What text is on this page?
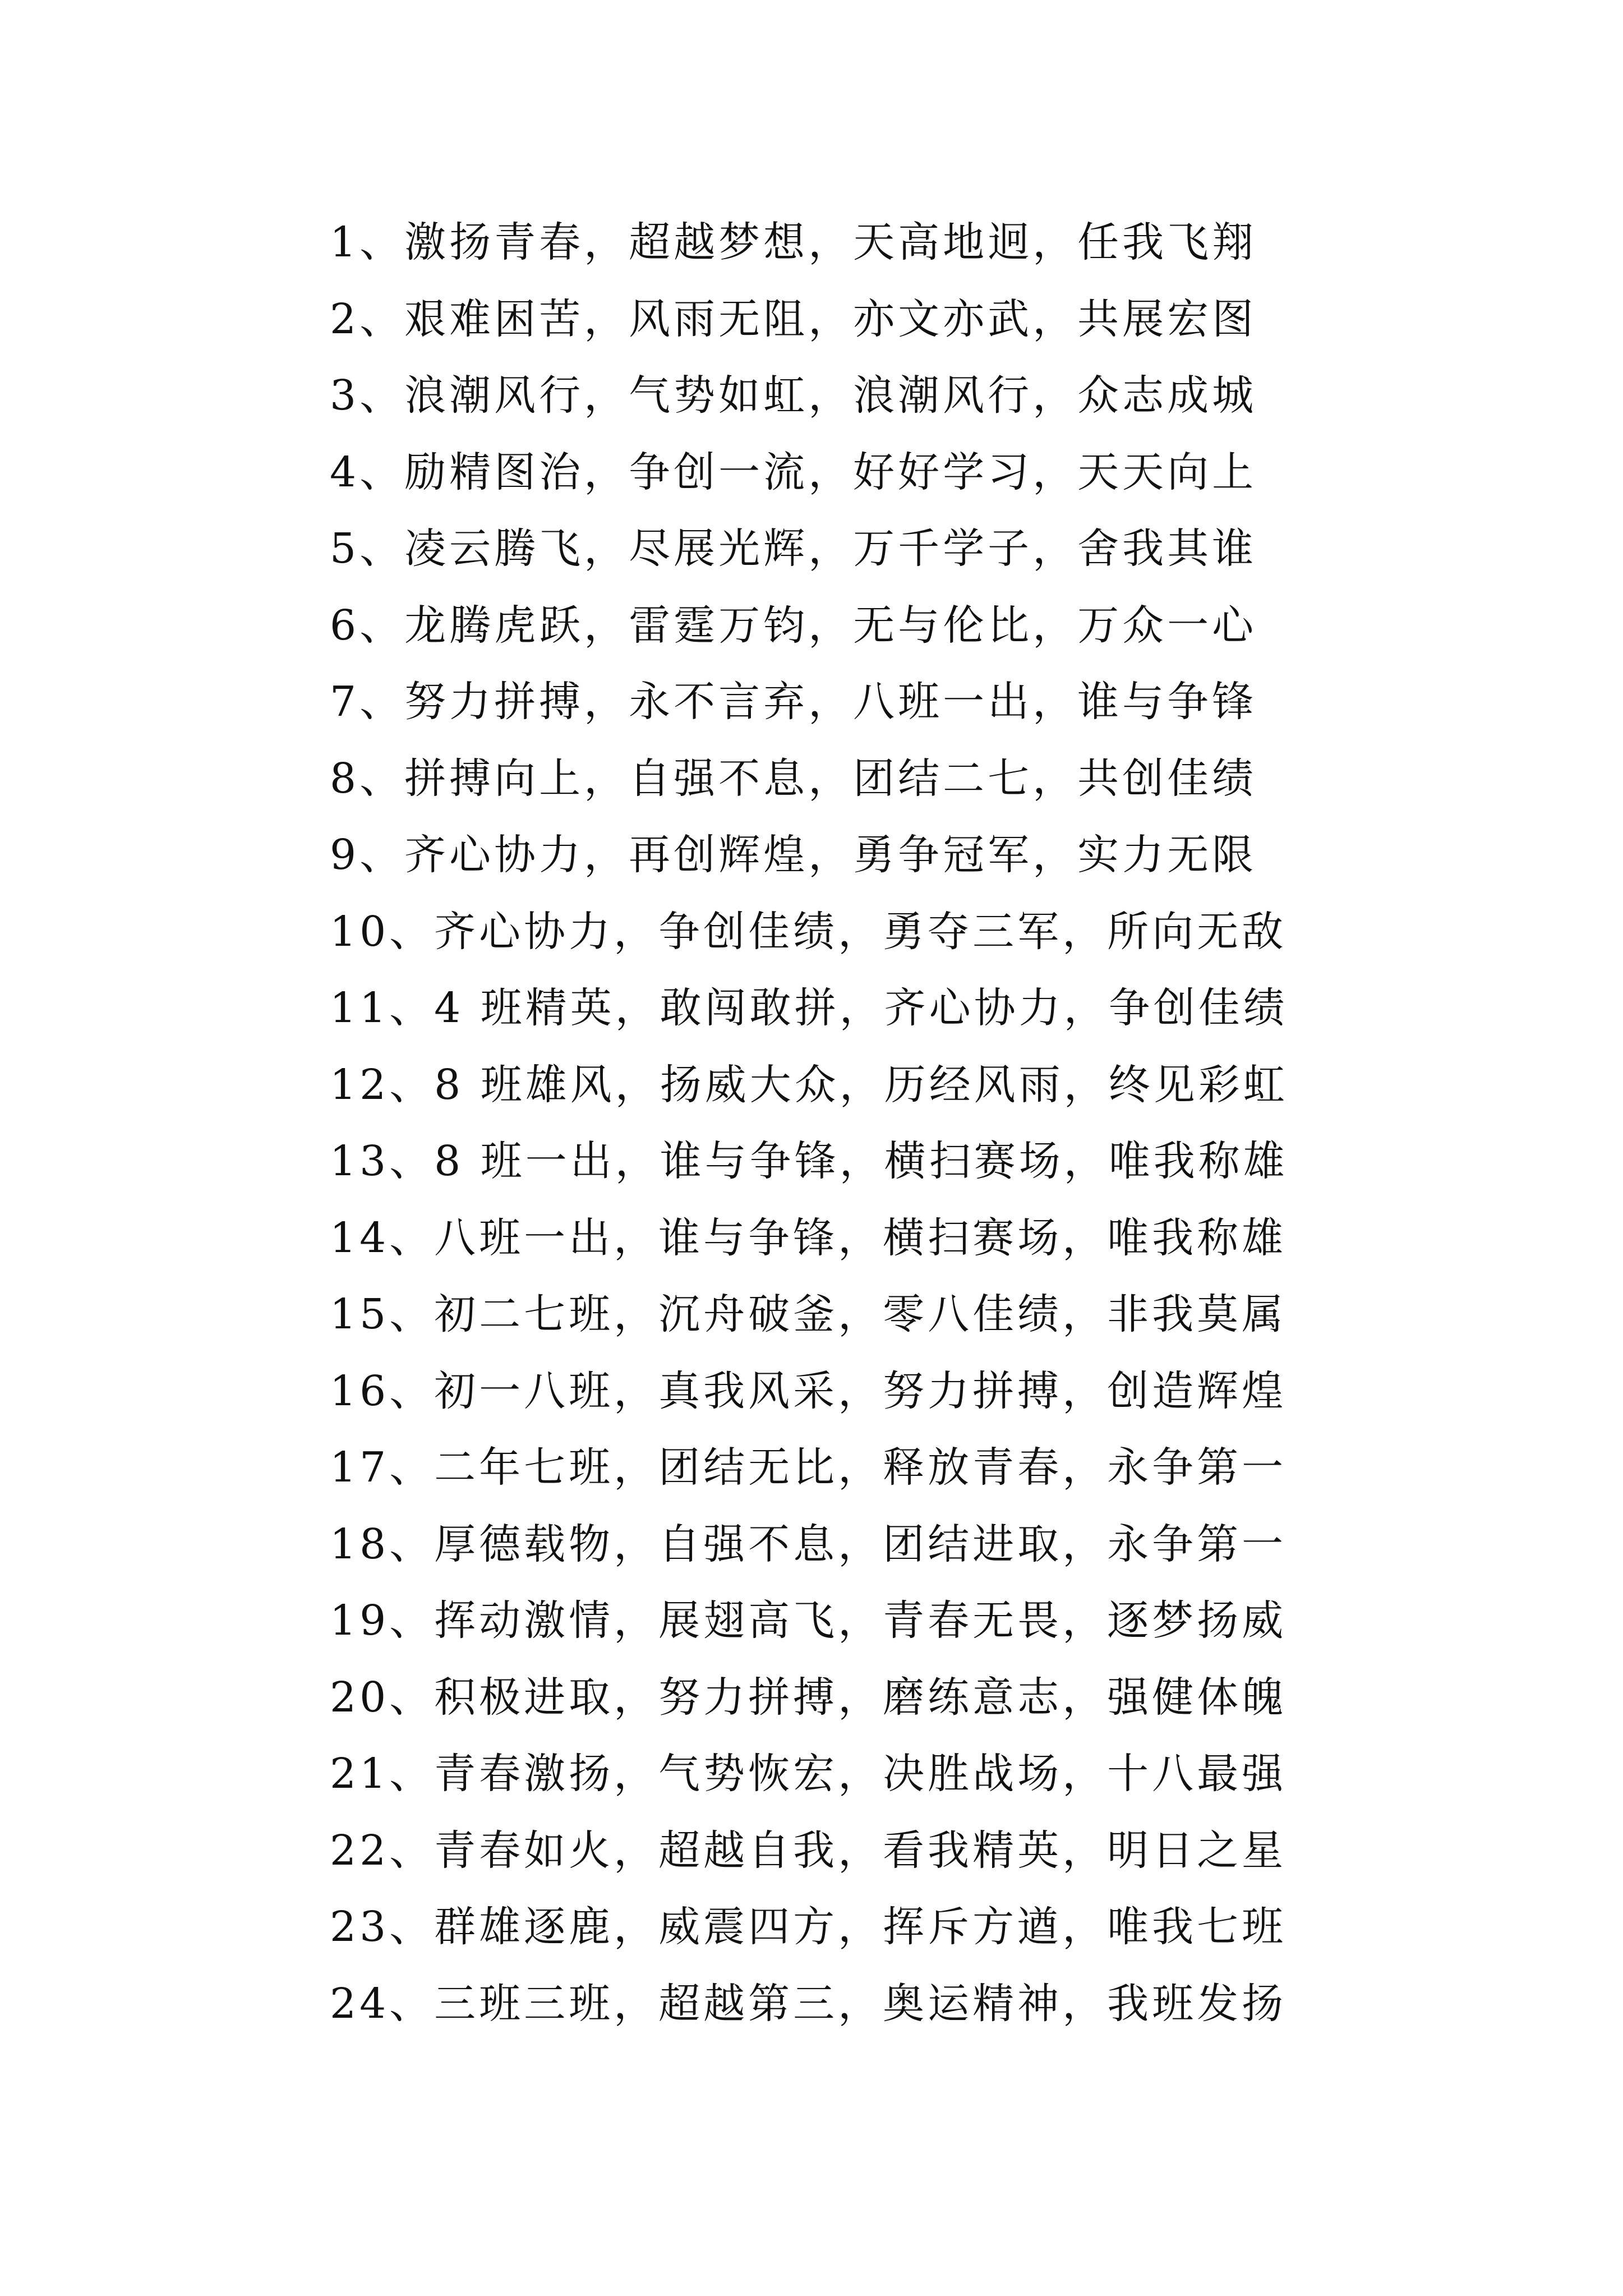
1、激扬青春，超越梦想，天高地迥，任我飞翔
2、艰难困苦，风雨无阻，亦文亦武，共展宏图
3、浪潮风行，气势如虹，浪潮风行，众志成城
4、励精图治，争创一流，好好学习，天天向上
5、凌云腾飞，尽展光辉，万千学子，舍我其谁
6、龙腾虎跃，雷霆万钧，无与伦比，万众一心
7、努力拼搏，永不言弃，八班一出，谁与争锋
8、拼搏向上，自强不息，团结二七，共创佳绩
9、齐心协力，再创辉煌，勇争冠军，实力无限
10、齐心协力，争创佳绩，勇夺三军，所向无敌
11、4 班精英，敢闯敢拼，齐心协力，争创佳绩
12、8 班雄风，扬威大众，历经风雨，终见彩虹
13、8 班一出，谁与争锋，横扫赛场，唯我称雄
14、八班一出，谁与争锋，横扫赛场，唯我称雄
15、初二七班，沉舟破釜，零八佳绩，非我莫属
16、初一八班，真我风采，努力拼搏，创造辉煌
17、二年七班，团结无比，释放青春，永争第一
18、厚德载物，自强不息，团结进取，永争第一
19、挥动激情，展翅高飞，青春无畏，逐梦扬威
20、积极进取，努力拼搏，磨练意志，强健体魄
21、青春激扬，气势恢宏，决胜战场，十八最强
22、青春如火，超越自我，看我精英，明日之星
23、群雄逐鹿，威震四方，挥斥方遒，唯我七班
24、三班三班，超越第三，奥运精神，我班发扬
